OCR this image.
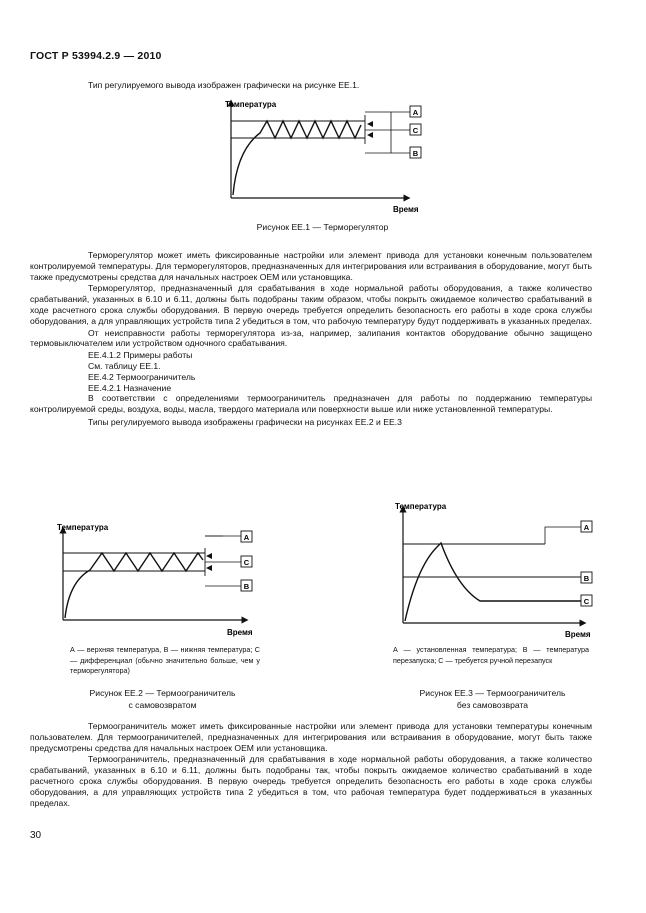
ГОСТ Р 53994.2.9 — 2010

Тип регулируемого вывода изображен графически на рисунке ЕЕ.1.

Температура
Время
A
C
B
Рисунок ЕЕ.1 — Терморегулятор

Терморегулятор может иметь фиксированные настройки или элемент привода для установки конечным пользователем контролируемой температуры. Для терморегуляторов, предназначенных для интегрирования или встраивания в оборудование, могут быть также предусмотрены средства для начальных настроек OEM или установщика.

Терморегулятор, предназначенный для срабатывания в ходе нормальной работы оборудования, а также количество срабатываний, указанных в 6.10 и 6.11, должны быть подобраны таким образом, чтобы покрыть ожидаемое количество срабатываний в ходе расчетного срока службы оборудования. В первую очередь требуется определить безопасность его работы в ходе срока службы оборудования, а для управляющих устройств типа 2 убедиться в том, что рабочую температуру будут поддерживать в указанных пределах.

От неисправности работы терморегулятора из-за, например, залипания контактов оборудование обычно защищено термовыключателем или устройством одночного срабатывания.

ЕЕ.4.1.2 Примеры работы

См. таблицу ЕЕ.1.

ЕЕ.4.2 Термоограничитель

ЕЕ.4.2.1 Назначение

В соответствии с определениями термоограничитель предназначен для работы по поддержанию температуры контролируемой среды, воздуха, воды, масла, твердого материала или поверхности выше или ниже установленной температуры.

Типы регулируемого вывода изображены графически на рисунках ЕЕ.2 и ЕЕ.3

Температура
Время
A
C
B
А — верхняя температура, В — нижняя температура; С — дифференциал (обычно значительно больше, чем у терморегулятора)
Рисунок ЕЕ.2 — Термоограничитель
с самовозвратом
Температура
Время
A
B
C
А — установленная температура; В — температура перезапуска; С — требуется ручной перезапуск
Рисунок ЕЕ.3 — Термоограничитель
без самовозврата

Термоограничитель может иметь фиксированные настройки или элемент привода для установки температуры конечным пользователем. Для термоограничителей, предназначенных для интегрирования или встраивания в оборудование, могут быть также предусмотрены средства для начальных настроек OEM или установщика.

Термоограничитель, предназначенный для срабатывания в ходе нормальной работы оборудования, а также количество срабатываний, указанных в 6.10 и 6.11, должны быть подобраны так, чтобы покрыть ожидаемое количество срабатываний в ходе расчетного срока службы оборудования. В первую очередь требуется определить безопасность его работы в ходе срока службы оборудования, а для управляющих устройств типа 2 убедиться в том, что рабочая температура будет поддерживаться в указанных пределах.

30
